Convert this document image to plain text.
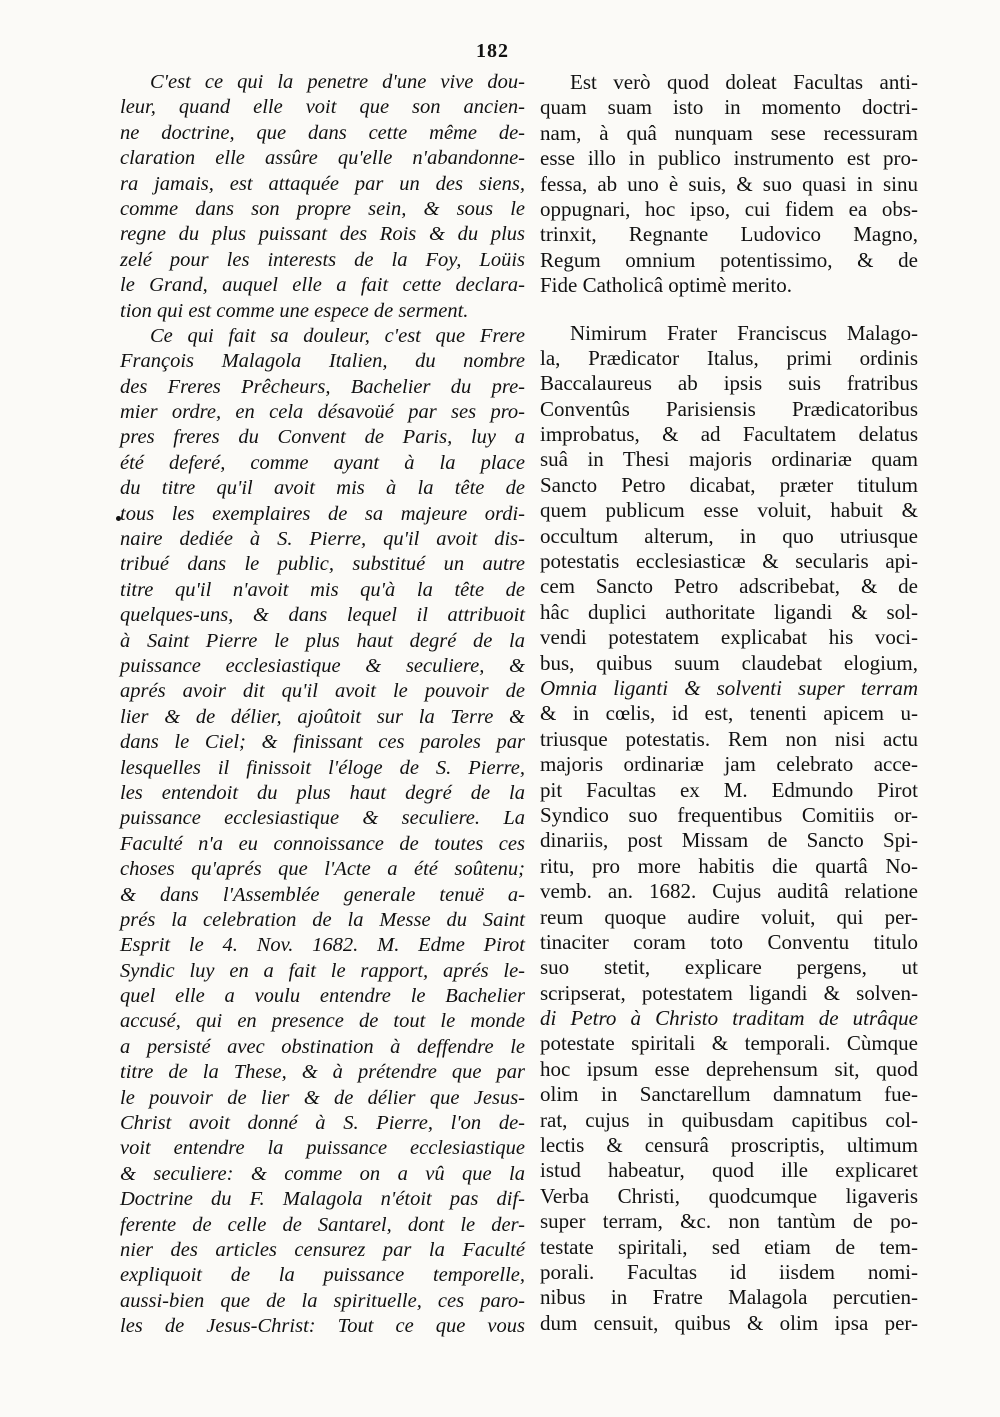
182
C'est ce qui la penetre d'une vive dou-
leur, quand elle voit que son ancien-
ne doctrine, que dans cette même de-
claration elle assûre qu'elle n'abandonne-
ra jamais, est attaquée par un des siens,
comme dans son propre sein, & sous le
regne du plus puissant des Rois & du plus
zelé pour les interests de la Foy, Loüis
le Grand, auquel elle a fait cette declara-
tion qui est comme une espece de serment.
Ce qui fait sa douleur, c'est que Frere
François Malagola Italien, du nombre
des Freres Prêcheurs, Bachelier du pre-
mier ordre, en cela désavoüé par ses pro-
pres freres du Convent de Paris, luy a
été deferé, comme ayant à la place
du titre qu'il avoit mis à la tête de
tous les exemplaires de sa majeure ordi-
naire dediée à S. Pierre, qu'il avoit dis-
tribué dans le public, substitué un autre
titre qu'il n'avoit mis qu'à la tête de
quelques-uns, & dans lequel il attribuoit
à Saint Pierre le plus haut degré de la
puissance ecclesiastique & seculiere, &
aprés avoir dit qu'il avoit le pouvoir de
lier & de délier, ajoûtoit sur la Terre &
dans le Ciel; & finissant ces paroles par
lesquelles il finissoit l'éloge de S. Pierre,
les entendoit du plus haut degré de la
puissance ecclesiastique & seculiere. La
Faculté n'a eu connoissance de toutes ces
choses qu'aprés que l'Acte a été soûtenu;
& dans l'Assemblée generale tenuë a-
prés la celebration de la Messe du Saint
Esprit le 4. Nov. 1682. M. Edme Pirot
Syndic luy en a fait le rapport, aprés le-
quel elle a voulu entendre le Bachelier
accusé, qui en presence de tout le monde
a persisté avec obstination à deffendre le
titre de la These, & à prétendre que par
le pouvoir de lier & de délier que Jesus-
Christ avoit donné à S. Pierre, l'on de-
voit entendre la puissance ecclesiastique
& seculiere: & comme on a vû que la
Doctrine du F. Malagola n'étoit pas dif-
ferente de celle de Santarel, dont le der-
nier des articles censurez par la Faculté
expliquoit de la puissance temporelle,
aussi-bien que de la spirituelle, ces paro-
les de Jesus-Christ: Tout ce que vous
Est verò quod doleat Facultas anti-
quam suam isto in momento doctri-
nam, à quâ nunquam sese recessuram
esse illo in publico instrumento est pro-
fessa, ab uno è suis, & suo quasi in sinu
oppugnari, hoc ipso, cui fidem ea obs-
trinxit, Regnante Ludovico Magno,
Regum omnium potentissimo, & de
Fide Catholicâ optimè merito.
Nimirum Frater Franciscus Malago-
la, Prædicator Italus, primi ordinis
Baccalaureus ab ipsis suis fratribus
Conventûs Parisiensis Prædicatoribus
improbatus, & ad Facultatem delatus
suâ in Thesi majoris ordinariæ quam
Sancto Petro dicabat, præter titulum
quem publicum esse voluit, habuit &
occultum alterum, in quo utriusque
potestatis ecclesiasticæ & secularis api-
cem Sancto Petro adscribebat, & de
hâc duplici authoritate ligandi & sol-
vendi potestatem explicabat his voci-
bus, quibus suum claudebat elogium,
Omnia liganti & solventi super terram
& in cœlis, id est, tenenti apicem u-
triusque potestatis. Rem non nisi actu
majoris ordinariæ jam celebrato acce-
pit Facultas ex M. Edmundo Pirot
Syndico suo frequentibus Comitiis or-
dinariis, post Missam de Sancto Spi-
ritu, pro more habitis die quartâ No-
vemb. an. 1682. Cujus auditâ relatione
reum quoque audire voluit, qui per-
tinaciter coram toto Conventu titulo
suo stetit, explicare pergens, ut
scripserat, potestatem ligandi & solven-
di Petro à Christo traditam de utrâque
potestate spiritali & temporali. Cùmque
hoc ipsum esse deprehensum sit, quod
olim in Sanctarellum damnatum fue-
rat, cujus in quibusdam capitibus col-
lectis & censurâ proscriptis, ultimum
istud habeatur, quod ille explicaret
Verba Christi, quodcumque ligaveris
super terram, &c. non tantùm de po-
testate spiritali, sed etiam de tem-
porali. Facultas id iisdem nomi-
nibus in Fratre Malagola percutien-
dum censuit, quibus & olim ipsa per-
